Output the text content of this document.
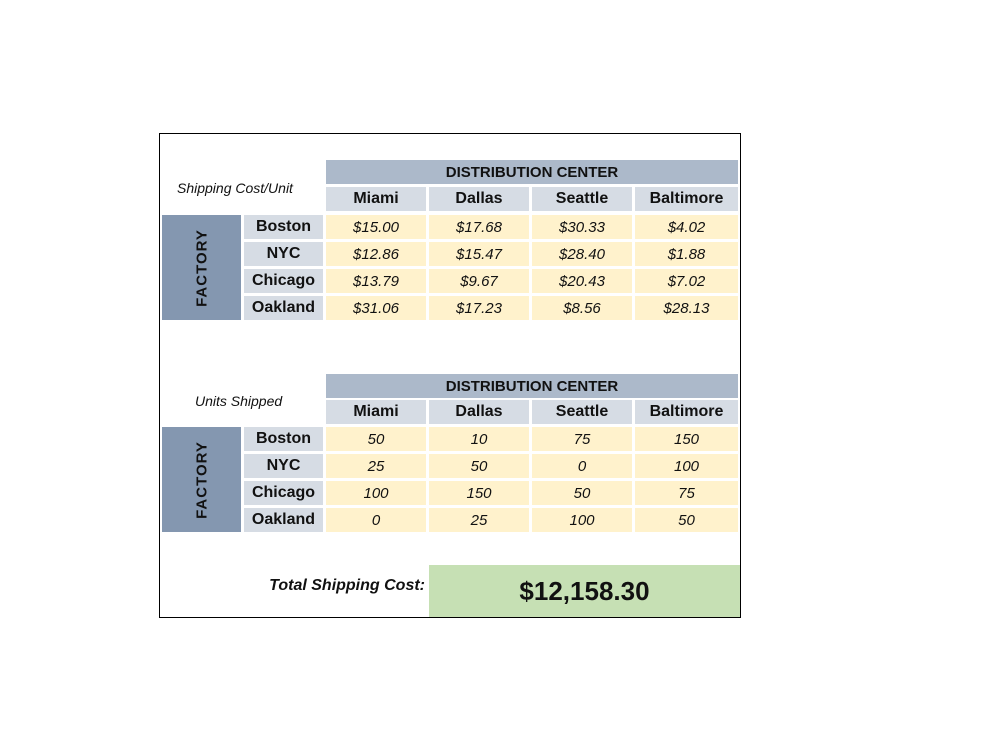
Shipping Cost/Unit
DISTRIBUTION CENTER
Miami	Dallas	Seattle	Baltimore
FACTORY
Boston	$15.00	$17.68	$30.33	$4.02
NYC	$12.86	$15.47	$28.40	$1.88
Chicago	$13.79	$9.67	$20.43	$7.02
Oakland	$31.06	$17.23	$8.56	$28.13
Units Shipped
DISTRIBUTION CENTER
Miami	Dallas	Seattle	Baltimore
FACTORY
Boston	50	10	75	150
NYC	25	50	0	100
Chicago	100	150	50	75
Oakland	0	25	100	50
Total Shipping Cost:	$12,158.30
